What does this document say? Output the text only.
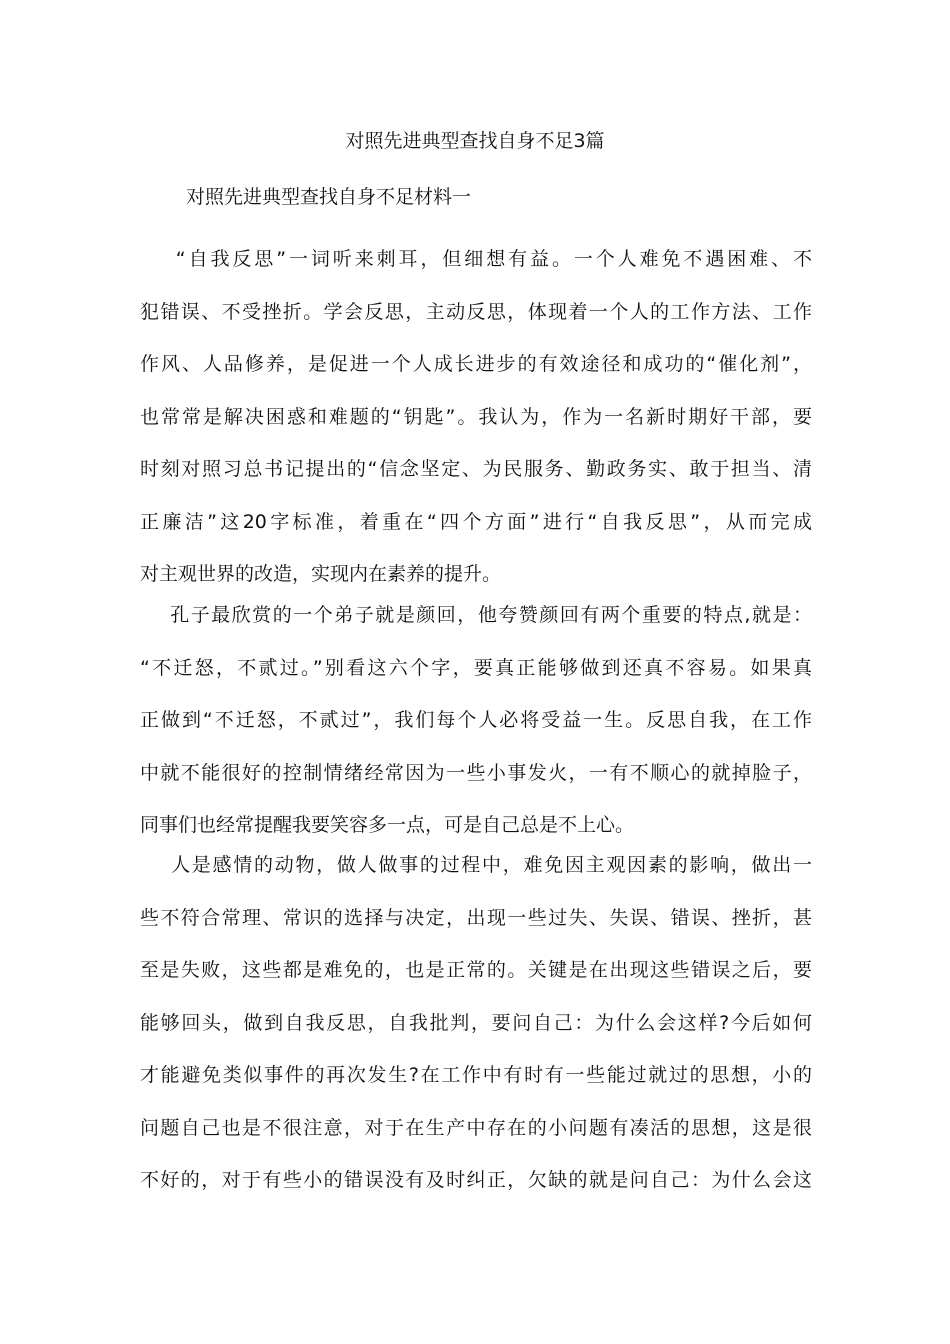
对照先进典型查找自身不足3篇
对照先进典型查找自身不足材料一
“自我反思”一词听来刺耳，但细想有益。一个人难免不遇困难、不
犯错误、不受挫折。学会反思，主动反思，体现着一个人的工作方法、工作
作风、人品修养，是促进一个人成长进步的有效途径和成功的“催化剂”，
也常常是解决困惑和难题的“钥匙”。我认为，作为一名新时期好干部，要
时刻对照习总书记提出的“信念坚定、为民服务、勤政务实、敢于担当、清
正廉洁”这20字标准，着重在“四个方面”进行“自我反思”，从而完成
对主观世界的改造，实现内在素养的提升。
孔子最欣赏的一个弟子就是颜回，他夸赞颜回有两个重要的特点,就是：
“不迁怒，不贰过。”别看这六个字，要真正能够做到还真不容易。如果真
正做到“不迁怒，不贰过”，我们每个人必将受益一生。反思自我，在工作
中就不能很好的控制情绪经常因为一些小事发火，一有不顺心的就掉脸子，
同事们也经常提醒我要笑容多一点，可是自己总是不上心。
人是感情的动物，做人做事的过程中，难免因主观因素的影响，做出一
些不符合常理、常识的选择与决定，出现一些过失、失误、错误、挫折，甚
至是失败，这些都是难免的，也是正常的。关键是在出现这些错误之后，要
能够回头，做到自我反思，自我批判，要问自己：为什么会这样?今后如何
才能避免类似事件的再次发生?在工作中有时有一些能过就过的思想，小的
问题自己也是不很注意，对于在生产中存在的小问题有凑活的思想，这是很
不好的，对于有些小的错误没有及时纠正，欠缺的就是问自己：为什么会这
